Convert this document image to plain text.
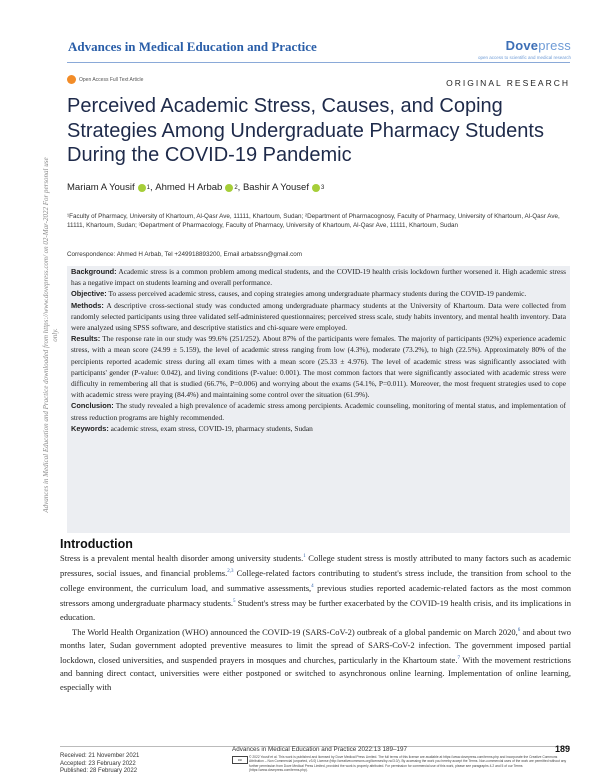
Advances in Medical Education and Practice	Dovepress
open access to scientific and medical research
Open Access Full Text Article	ORIGINAL RESEARCH
Perceived Academic Stress, Causes, and Coping Strategies Among Undergraduate Pharmacy Students During the COVID-19 Pandemic
Mariam A Yousif 1 ,
Ahmed H Arbab 2 ,
Bashir A Yousef 3
¹Faculty of Pharmacy, University of Khartoum, Al-Qasr Ave, 11111, Khartoum, Sudan; ²Department of Pharmacognosy, Faculty of Pharmacy, University of Khartoum, Al-Qasr Ave, 11111, Khartoum, Sudan; ³Department of Pharmacology, Faculty of Pharmacy, University of Khartoum, Al-Qasr Ave, 11111, Khartoum, Sudan
Correspondence: Ahmed H Arbab, Tel +249918893200, Email arbabssn@gmail.com

Background: Academic stress is a common problem among medical students, and the COVID-19 health crisis lockdown further worsened it. High academic stress has a negative impact on students learning and overall performance.

Objective: To assess perceived academic stress, causes, and coping strategies among undergraduate pharmacy students during the COVID-19 pandemic.

Methods: A descriptive cross-sectional study was conducted among undergraduate pharmacy students at the University of Khartoum. Data were collected from randomly selected participants using three validated self-administered questionnaires; perceived stress scale, study habits inventory, and mental health inventory. Data were analyzed using SPSS software, and descriptive statistics and chi-square were employed.

Results: The response rate in our study was 99.6% (251/252). About 87% of the participants were females. The majority of participants (92%) experience academic stress, with a mean score (24.99 ± 5.159), the level of academic stress ranging from low (4.3%), moderate (73.2%), to high (22.5%). Approximately 80% of the percipients reported academic stress during all exam times with a mean score (25.33 ± 4.976). The level of academic stress was significantly associated with participants' gender (P-value: 0.042), and living conditions (P-value: 0.001). The most common factors that were significantly associated with academic stress were difficulty in remembering all that is studied (66.7%, P=0.006) and worrying about the exams (54.1%, P=0.011). Moreover, the most frequent strategies used to cope with academic stress were praying (84.4%) and maintaining some control over the situation (61.9%).

Conclusion: The study revealed a high prevalence of academic stress among percipients. Academic counseling, monitoring of mental status, and implementation of stress reduction programs are highly recommended.

Keywords: academic stress, exam stress, COVID-19, pharmacy students, Sudan

Introduction

Stress is a prevalent mental health disorder among university students.$^1$ College student stress is mostly attributed to many factors such as academic pressures, social issues, and financial problems.$^{2,3}$ College-related factors contributing to student's stress include, the transition from school to the college environment, the curriculum load, and summative assessments,$^4$ previous studies reported academic-related factors as the most common stressors among undergraduate pharmacy students.$^5$ Student's stress may be further exacerbated by the COVID-19 health crisis, and its implications in education.

The World Health Organization (WHO) announced the COVID-19 (SARS-CoV-2) outbreak of a global pandemic on March 2020,$^6$ and about two months later, Sudan government adopted preventive measures to limit the spread of SARS-CoV-2 infection. The government imposed partial lockdown, closed universities, and suspended prayers in mosques and churches, particularly in the Khartoum state.$^7$ With the movement restrictions and banning direct contact, universities were either postponed or switched to asynchronous online learning. Implementation of online learning, especially with

Advances in Medical Education and Practice downloaded from https://www.dovepress.com/ on 02-Mar-2022 For personal use only.
Received: 21 November 2021
Accepted: 23 February 2022
Published: 28 February 2022
Advances in Medical Education and Practice 2022:13 189–197	189
cc	© 2022 Yousif et al. This work is published and licensed by Dove Medical Press Limited. The full terms of this license are available at https://www.dovepress.com/terms.php and incorporate the Creative Commons Attribution – Non Commercial (unported, v3.0) License (http://creativecommons.org/licenses/by-nc/3.0/). By accessing the work you hereby accept the Terms. Non-commercial uses of the work are permitted without any further permission from Dove Medical Press Limited, provided the work is properly attributed. For permission for commercial use of this work, please see paragraphs 4.2 and 5 of our Terms (https://www.dovepress.com/terms.php).
